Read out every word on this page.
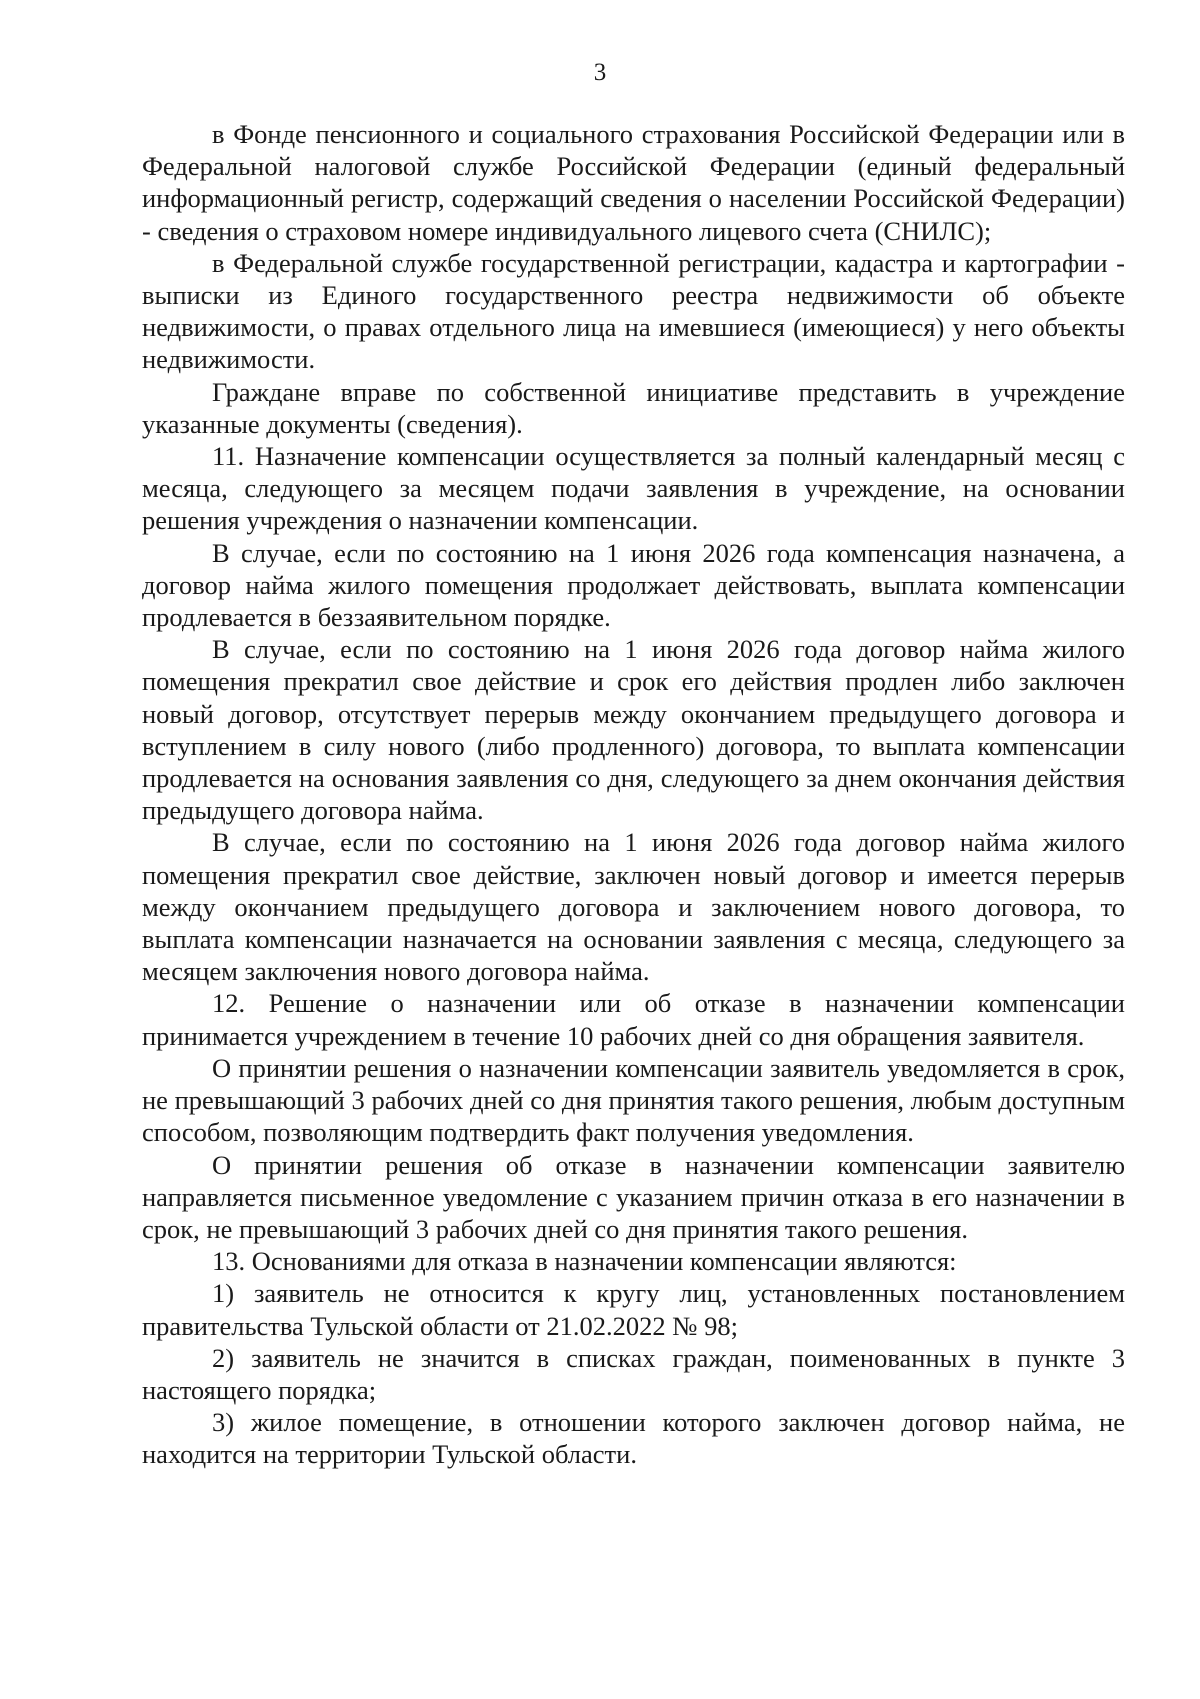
3

в Фонде пенсионного и социального страхования Российской Федерации или в Федеральной налоговой службе Российской Федерации (единый федеральный информационный регистр, содержащий сведения о населении Российской Федерации) - сведения о страховом номере индивидуального лицевого счета (СНИЛС);

в Федеральной службе государственной регистрации, кадастра и картографии - выписки из Единого государственного реестра недвижимости об объекте недвижимости, о правах отдельного лица на имевшиеся (имеющиеся) у него объекты недвижимости.

Граждане вправе по собственной инициативе представить в учреждение указанные документы (сведения).

11. Назначение компенсации осуществляется за полный календарный месяц с месяца, следующего за месяцем подачи заявления в учреждение, на основании решения учреждения о назначении компенсации.

В случае, если по состоянию на 1 июня 2026 года компенсация назначена, а договор найма жилого помещения продолжает действовать, выплата компенсации продлевается в беззаявительном порядке.

В случае, если по состоянию на 1 июня 2026 года договор найма жилого помещения прекратил свое действие и срок его действия продлен либо заключен новый договор, отсутствует перерыв между окончанием предыдущего договора и вступлением в силу нового (либо продленного) договора, то выплата компенсации продлевается на основания заявления со дня, следующего за днем окончания действия предыдущего договора найма.

В случае, если по состоянию на 1 июня 2026 года договор найма жилого помещения прекратил свое действие, заключен новый договор и имеется перерыв между окончанием предыдущего договора и заключением нового договора, то выплата компенсации назначается на основании заявления с месяца, следующего за месяцем заключения нового договора найма.

12. Решение о назначении или об отказе в назначении компенсации принимается учреждением в течение 10 рабочих дней со дня обращения заявителя.

О принятии решения о назначении компенсации заявитель уведомляется в срок, не превышающий 3 рабочих дней со дня принятия такого решения, любым доступным способом, позволяющим подтвердить факт получения уведомления.

О принятии решения об отказе в назначении компенсации заявителю направляется письменное уведомление с указанием причин отказа в его назначении в срок, не превышающий 3 рабочих дней со дня принятия такого решения.

13. Основаниями для отказа в назначении компенсации являются:

1) заявитель не относится к кругу лиц, установленных постановлением правительства Тульской области от 21.02.2022 № 98;

2) заявитель не значится в списках граждан, поименованных в пункте 3 настоящего порядка;

3) жилое помещение, в отношении которого заключен договор найма, не находится на территории Тульской области.
